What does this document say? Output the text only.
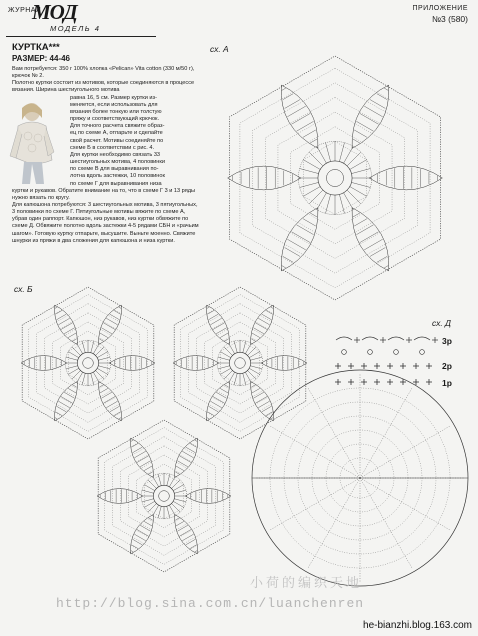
ЖУРНАЛ
МОД
МОДЕЛЬ 4
ПРИЛОЖЕНИЕ
№3 (580)
КУРТКА***
РАЗМЕР: 44-46

Вам потребуется: 350 г 100% хлопка «Pelican» Vita cotton (330 м/50 г), крючок № 2.

Полотно куртки состоит из мотивов, которые соединяются в процессе вязания. Ширина шестиугольного мотива

равна 16, 5 см. Размер куртки из-

меняется, если использовать для

вязания более тонкую или толстую

пряжу и соответствующий крючок.

Для точного расчета свяжите образ-

ец по схеме А, отпарьте и сделайте

свой расчет. Мотивы соединяйте по

схеме Б в соответствии с рис. 4.

Для куртки необходимо связать 33

шестиугольных мотива, 4 половинки

по схеме В для выравнивания по-

лотна вдоль застежки, 10 половинок

по схеме Г для выравнивания низа

куртки и рукавов. Обратите внимание на то, что в схеме Г 3 и 13 ряды нужно вязать по кругу.

Для капюшона потребуются: 3 шестиугольных мотива, 3 пятиугольных, 3 половинки по схеме Г. Пятиугольные мотивы вяжите по схеме А, убрав один раппорт. Капюшон, низ рукавов, низ куртки обвяжите по схеме Д. Обвяжите полотно вдоль застежки 4-5 рядами СБН и «рачьим шагом». Готовую куртку отпарьте, высушите. Выньте моенно. Свяжите шнурки из пряжи в два сложения для капюшона и низа куртки.

сх. А
сх. Б
сх. Д
3р
2р
1р
小荷的编织天地
http://blog.sina.com.cn/luanchenren
he-bianzhi.blog.163.com
